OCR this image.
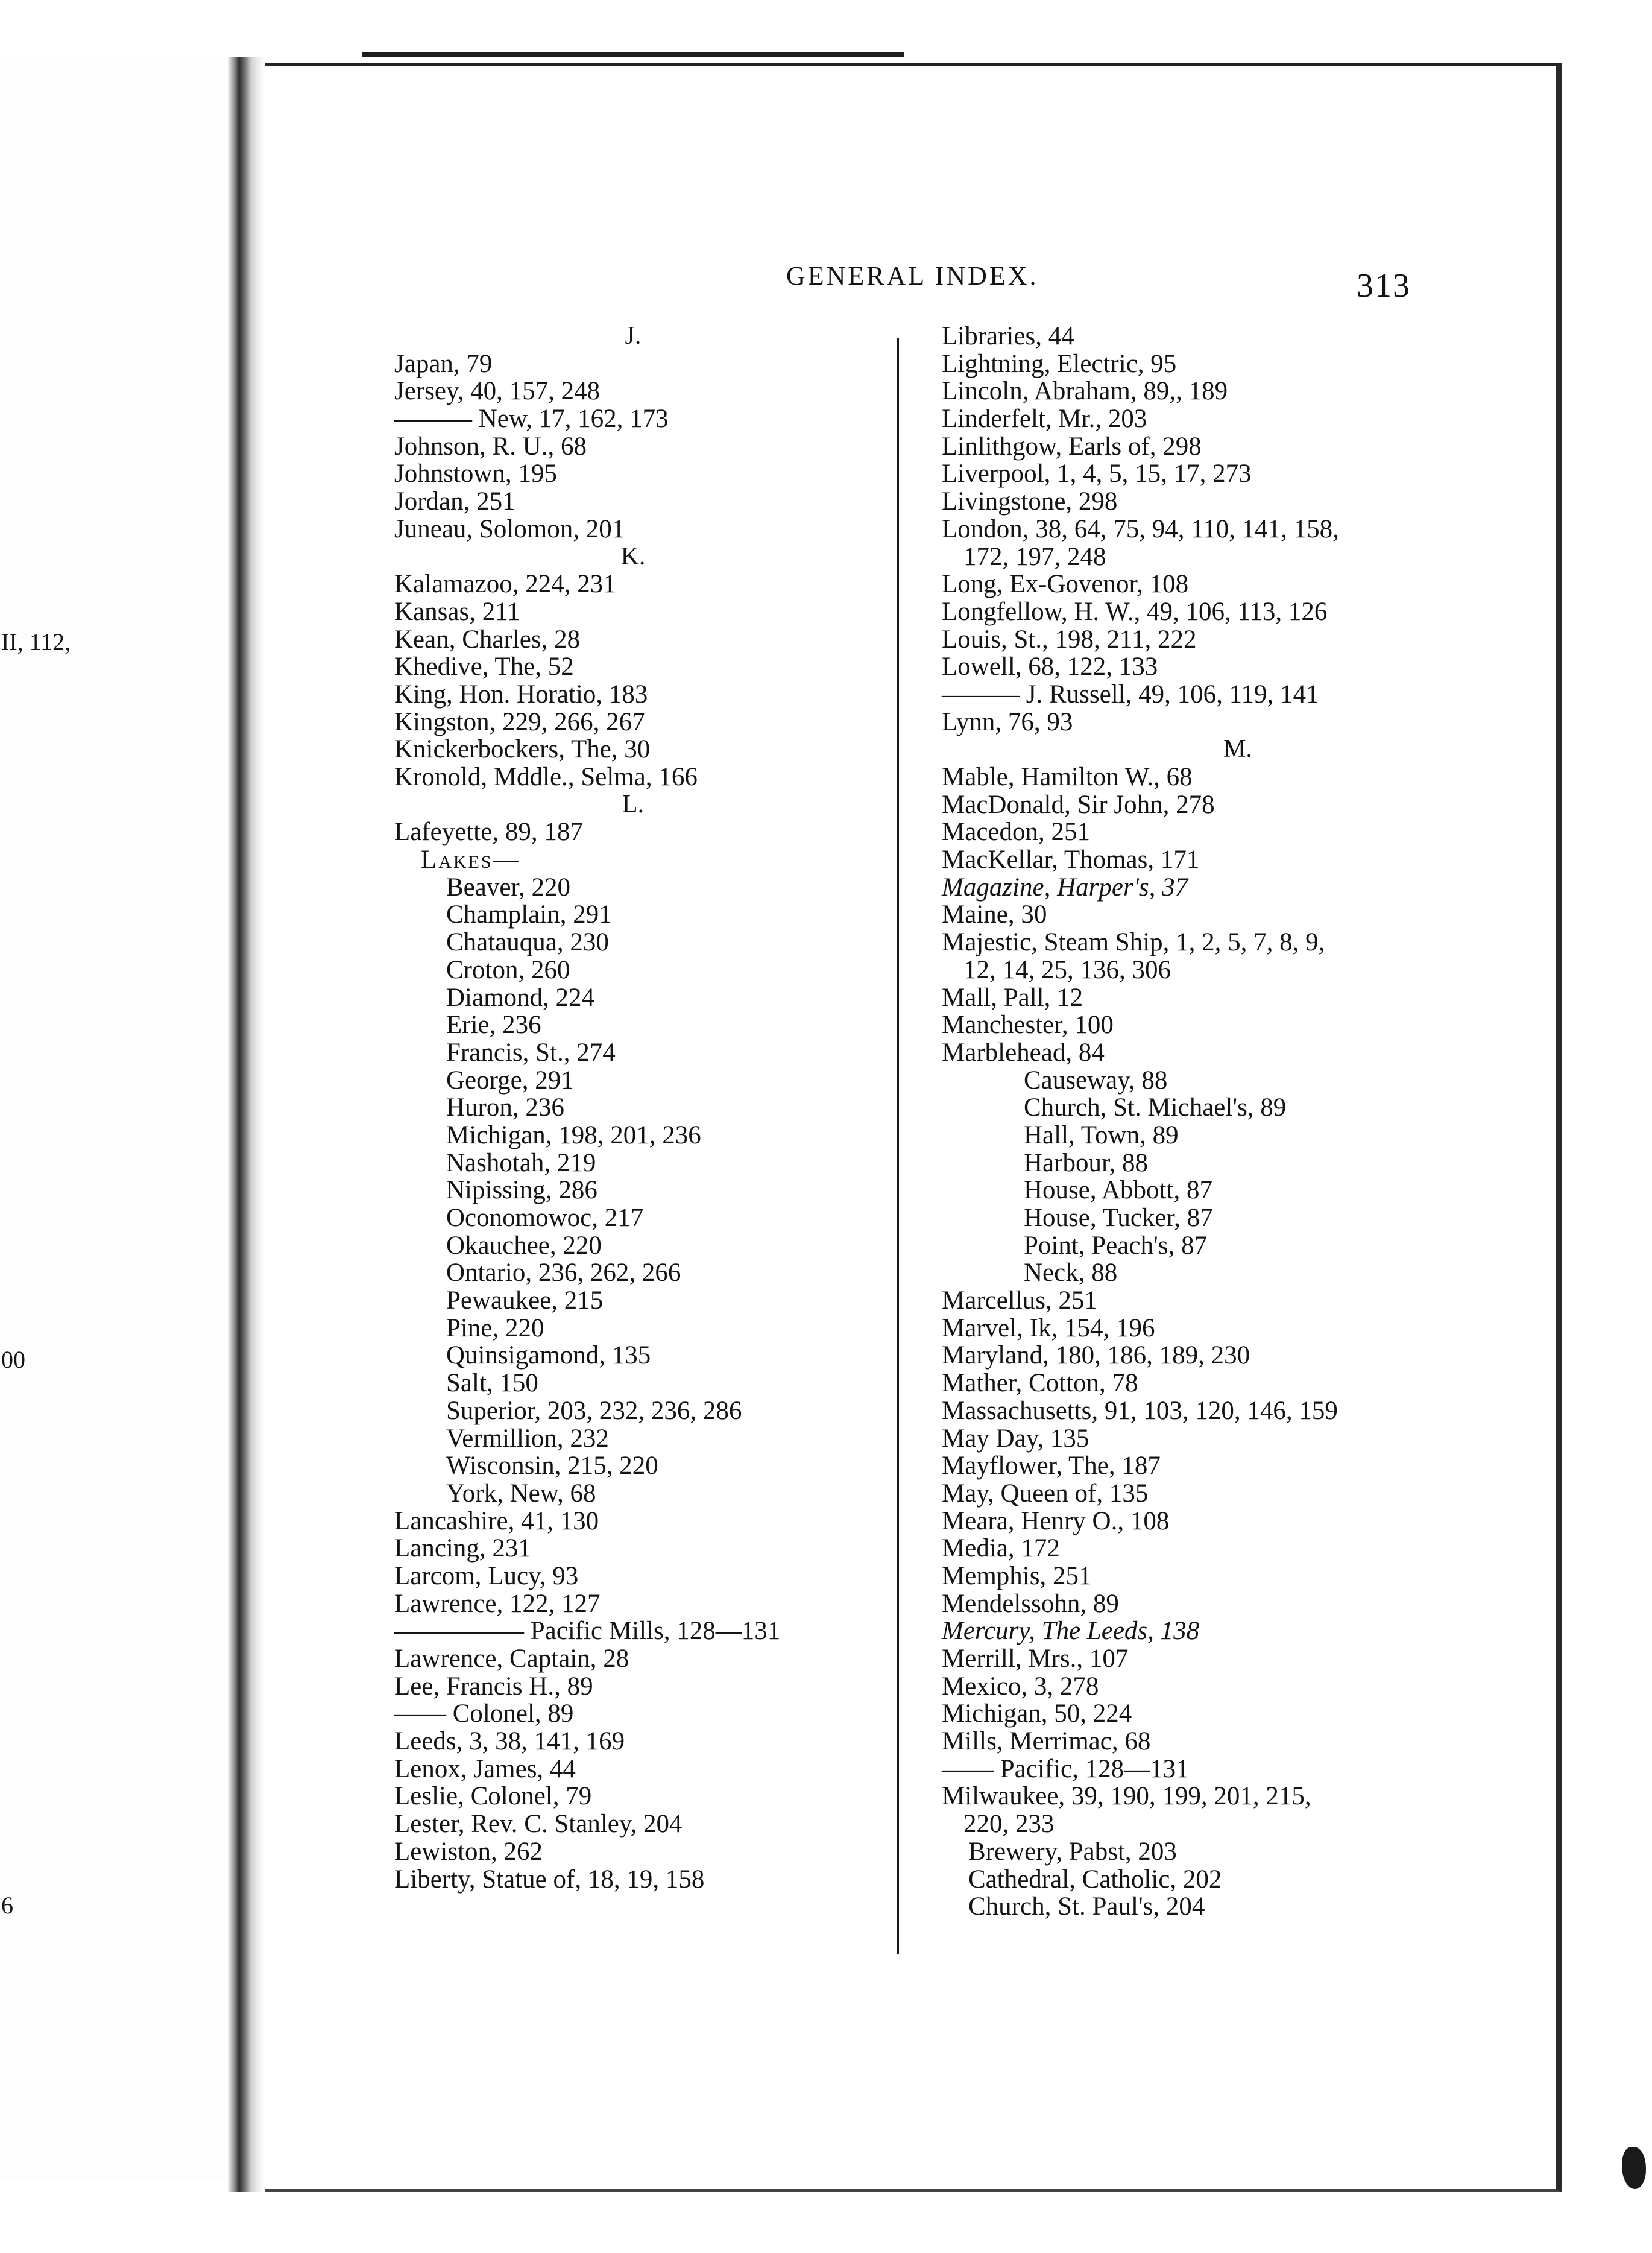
II, 112,
00
6
GENERAL INDEX.	313
J.
Japan, 79
Jersey, 40, 157, 248
——— New, 17, 162, 173
Johnson, R. U., 68
Johnstown, 195
Jordan, 251
Juneau, Solomon, 201
K.
Kalamazoo, 224, 231
Kansas, 211
Kean, Charles, 28
Khedive, The, 52
King, Hon. Horatio, 183
Kingston, 229, 266, 267
Knickerbockers, The, 30
Kronold, Mddle., Selma, 166
L.
Lafeyette, 89, 187
Lakes—
Beaver, 220
Champlain, 291
Chatauqua, 230
Croton, 260
Diamond, 224
Erie, 236
Francis, St., 274
George, 291
Huron, 236
Michigan, 198, 201, 236
Nashotah, 219
Nipissing, 286
Oconomowoc, 217
Okauchee, 220
Ontario, 236, 262, 266
Pewaukee, 215
Pine, 220
Quinsigamond, 135
Salt, 150
Superior, 203, 232, 236, 286
Vermillion, 232
Wisconsin, 215, 220
York, New, 68
Lancashire, 41, 130
Lancing, 231
Larcom, Lucy, 93
Lawrence, 122, 127
————— Pacific Mills, 128—131
Lawrence, Captain, 28
Lee, Francis H., 89
—— Colonel, 89
Leeds, 3, 38, 141, 169
Lenox, James, 44
Leslie, Colonel, 79
Lester, Rev. C. Stanley, 204
Lewiston, 262
Liberty, Statue of, 18, 19, 158
Libraries, 44
Lightning, Electric, 95
Lincoln, Abraham, 89,, 189
Linderfelt, Mr., 203
Linlithgow, Earls of, 298
Liverpool, 1, 4, 5, 15, 17, 273
Livingstone, 298
London, 38, 64, 75, 94, 110, 141, 158,
172, 197, 248
Long, Ex-Govenor, 108
Longfellow, H. W., 49, 106, 113, 126
Louis, St., 198, 211, 222
Lowell, 68, 122, 133
——— J. Russell, 49, 106, 119, 141
Lynn, 76, 93
M.
Mable, Hamilton W., 68
MacDonald, Sir John, 278
Macedon, 251
MacKellar, Thomas, 171
Magazine, Harper's, 37
Maine, 30
Majestic, Steam Ship, 1, 2, 5, 7, 8, 9,
12, 14, 25, 136, 306
Mall, Pall, 12
Manchester, 100
Marblehead, 84
Causeway, 88
Church, St. Michael's, 89
Hall, Town, 89
Harbour, 88
House, Abbott, 87
House, Tucker, 87
Point, Peach's, 87
Neck, 88
Marcellus, 251
Marvel, Ik, 154, 196
Maryland, 180, 186, 189, 230
Mather, Cotton, 78
Massachusetts, 91, 103, 120, 146, 159
May Day, 135
Mayflower, The, 187
May, Queen of, 135
Meara, Henry O., 108
Media, 172
Memphis, 251
Mendelssohn, 89
Mercury, The Leeds, 138
Merrill, Mrs., 107
Mexico, 3, 278
Michigan, 50, 224
Mills, Merrimac, 68
—— Pacific, 128—131
Milwaukee, 39, 190, 199, 201, 215,
220, 233
Brewery, Pabst, 203
Cathedral, Catholic, 202
Church, St. Paul's, 204
